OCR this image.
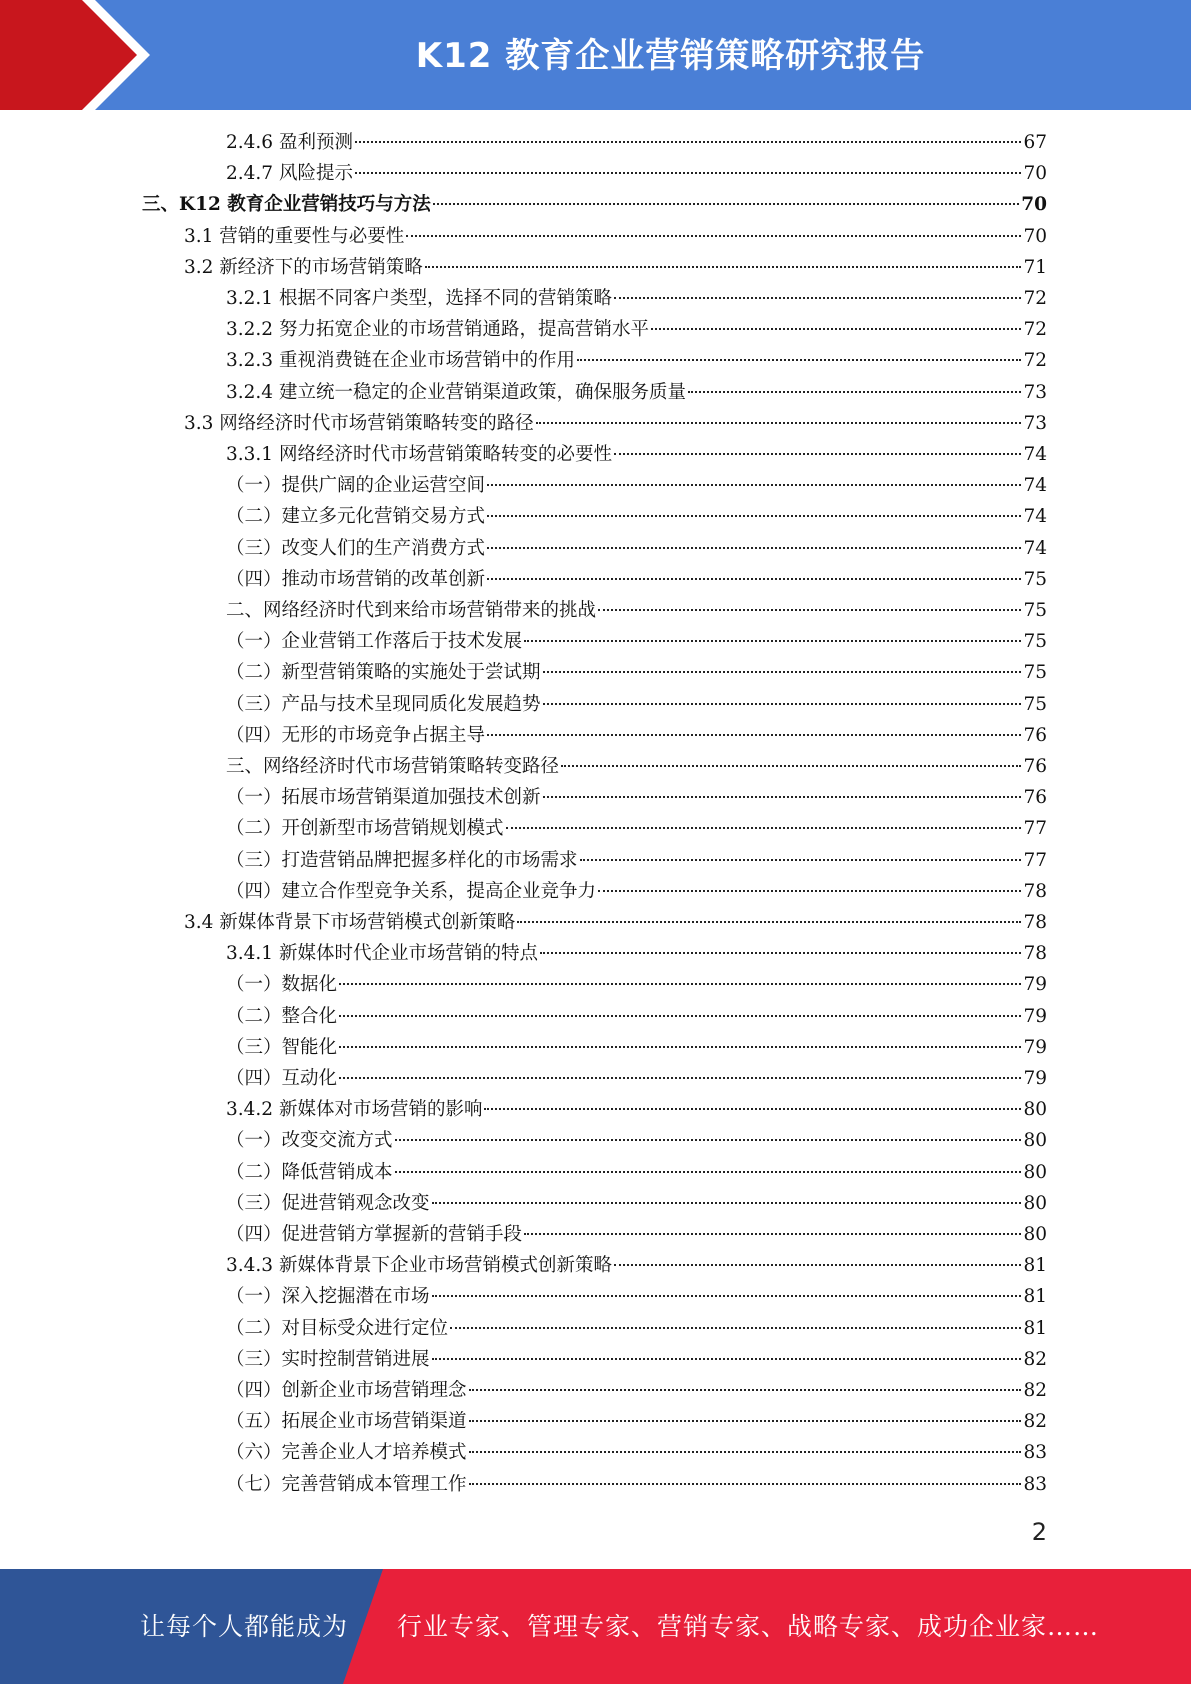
K12 教育企业营销策略研究报告
2.4.6 盈利预测	67
2.4.7 风险提示	70
三、K12 教育企业营销技巧与方法	70
3.1 营销的重要性与必要性	70
3.2 新经济下的市场营销策略	71
3.2.1 根据不同客户类型，选择不同的营销策略	72
3.2.2 努力拓宽企业的市场营销通路，提高营销水平	72
3.2.3 重视消费链在企业市场营销中的作用	72
3.2.4 建立统一稳定的企业营销渠道政策，确保服务质量	73
3.3 网络经济时代市场营销策略转变的路径	73
3.3.1 网络经济时代市场营销策略转变的必要性	74
（一）提供广阔的企业运营空间	74
（二）建立多元化营销交易方式	74
（三）改变人们的生产消费方式	74
（四）推动市场营销的改革创新	75
二、网络经济时代到来给市场营销带来的挑战	75
（一）企业营销工作落后于技术发展	75
（二）新型营销策略的实施处于尝试期	75
（三）产品与技术呈现同质化发展趋势	75
（四）无形的市场竞争占据主导	76
三、网络经济时代市场营销策略转变路径	76
（一）拓展市场营销渠道加强技术创新	76
（二）开创新型市场营销规划模式	77
（三）打造营销品牌把握多样化的市场需求	77
（四）建立合作型竞争关系，提高企业竞争力	78
3.4 新媒体背景下市场营销模式创新策略	78
3.4.1 新媒体时代企业市场营销的特点	78
（一）数据化	79
（二）整合化	79
（三）智能化	79
（四）互动化	79
3.4.2 新媒体对市场营销的影响	80
（一）改变交流方式	80
（二）降低营销成本	80
（三）促进营销观念改变	80
（四）促进营销方掌握新的营销手段	80
3.4.3 新媒体背景下企业市场营销模式创新策略	81
（一）深入挖掘潜在市场	81
（二）对目标受众进行定位	81
（三）实时控制营销进展	82
（四）创新企业市场营销理念	82
（五）拓展企业市场营销渠道	82
（六）完善企业人才培养模式	83
（七）完善营销成本管理工作	83
2
让每个人都能成为 行业专家、管理专家、营销专家、战略专家、成功企业家……
